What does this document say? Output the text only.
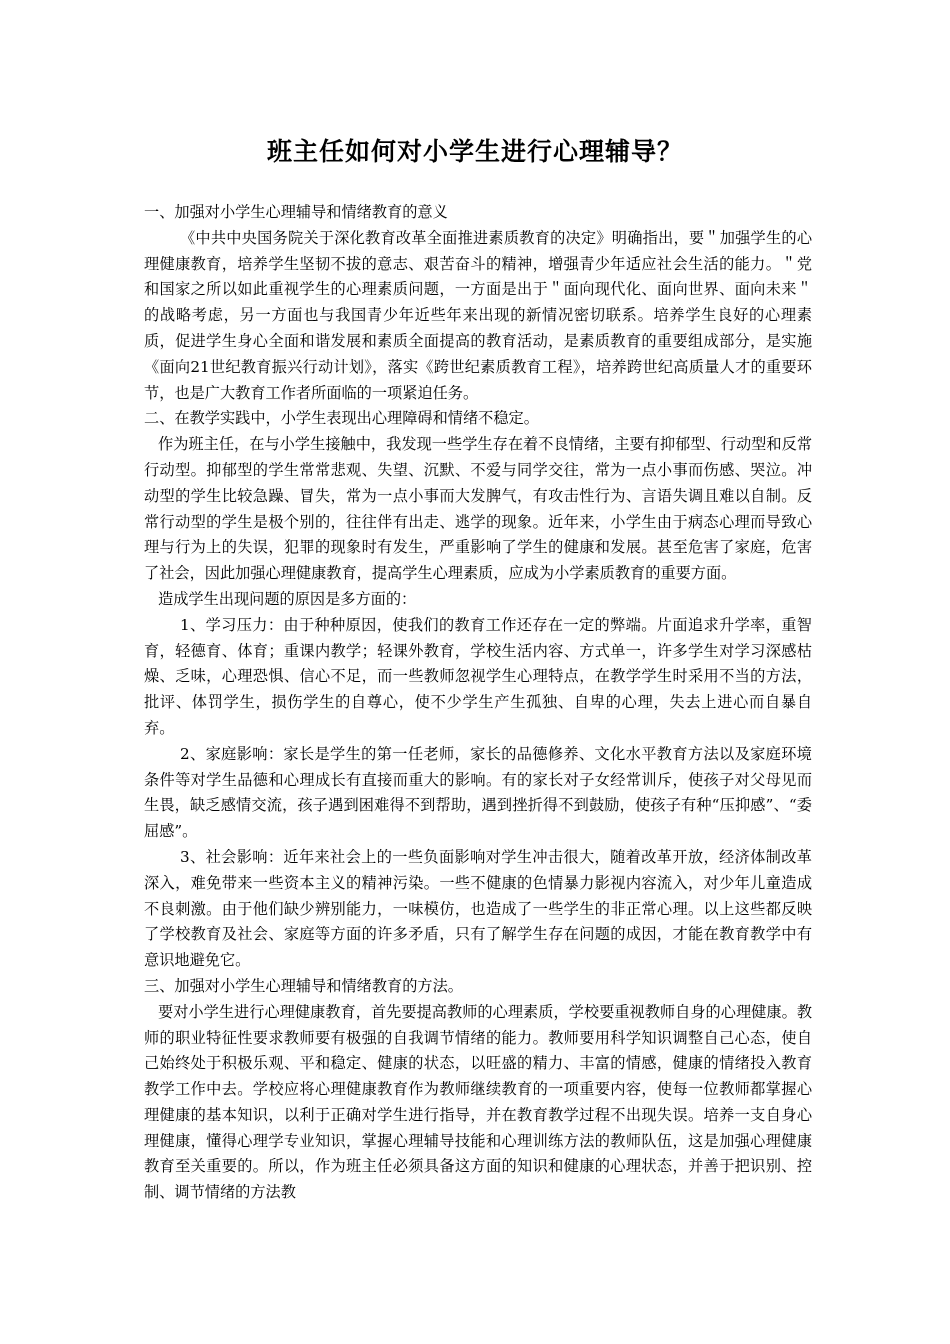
班主任如何对小学生进行心理辅导？

一、加强对小学生心理辅导和情绪教育的意义

《中共中央国务院关于深化教育改革全面推进素质教育的决定》明确指出，要＂加强学生的心理健康教育，培养学生坚韧不拔的意志、艰苦奋斗的精神，增强青少年适应社会生活的能力。＂党和国家之所以如此重视学生的心理素质问题，一方面是出于＂面向现代化、面向世界、面向未来＂的战略考虑，另一方面也与我国青少年近些年来出现的新情况密切联系。培养学生良好的心理素质，促进学生身心全面和谐发展和素质全面提高的教育活动，是素质教育的重要组成部分，是实施《面向21世纪教育振兴行动计划》，落实《跨世纪素质教育工程》，培养跨世纪高质量人才的重要环节，也是广大教育工作者所面临的一项紧迫任务。

二、在教学实践中，小学生表现出心理障碍和情绪不稳定。

作为班主任，在与小学生接触中，我发现一些学生存在着不良情绪，主要有抑郁型、行动型和反常行动型。抑郁型的学生常常悲观、失望、沉默、不爱与同学交往，常为一点小事而伤感、哭泣。冲动型的学生比较急躁、冒失，常为一点小事而大发脾气，有攻击性行为、言语失调且难以自制。反常行动型的学生是极个别的，往往伴有出走、逃学的现象。近年来，小学生由于病态心理而导致心理与行为上的失误，犯罪的现象时有发生，严重影响了学生的健康和发展。甚至危害了家庭，危害了社会，因此加强心理健康教育，提高学生心理素质，应成为小学素质教育的重要方面。

造成学生出现问题的原因是多方面的：

1、学习压力：由于种种原因，使我们的教育工作还存在一定的弊端。片面追求升学率，重智育，轻德育、体育；重课内教学；轻课外教育，学校生活内容、方式单一，许多学生对学习深感枯燥、乏味，心理恐惧、信心不足，而一些教师忽视学生心理特点，在教学学生时采用不当的方法，批评、体罚学生，损伤学生的自尊心，使不少学生产生孤独、自卑的心理，失去上进心而自暴自弃。

2、家庭影响：家长是学生的第一任老师，家长的品德修养、文化水平教育方法以及家庭环境条件等对学生品德和心理成长有直接而重大的影响。有的家长对子女经常训斥，使孩子对父母见而生畏，缺乏感情交流，孩子遇到困难得不到帮助，遇到挫折得不到鼓励，使孩子有种“压抑感”、“委屈感”。

3、社会影响：近年来社会上的一些负面影响对学生冲击很大，随着改革开放，经济体制改革深入，难免带来一些资本主义的精神污染。一些不健康的色情暴力影视内容流入，对少年儿童造成不良刺激。由于他们缺少辨别能力，一味模仿，也造成了一些学生的非正常心理。以上这些都反映了学校教育及社会、家庭等方面的许多矛盾，只有了解学生存在问题的成因，才能在教育教学中有意识地避免它。

三、加强对小学生心理辅导和情绪教育的方法。

要对小学生进行心理健康教育，首先要提高教师的心理素质，学校要重视教师自身的心理健康。教师的职业特征性要求教师要有极强的自我调节情绪的能力。教师要用科学知识调整自己心态，使自己始终处于积极乐观、平和稳定、健康的状态，以旺盛的精力、丰富的情感，健康的情绪投入教育教学工作中去。学校应将心理健康教育作为教师继续教育的一项重要内容，使每一位教师都掌握心理健康的基本知识，以利于正确对学生进行指导，并在教育教学过程不出现失误。培养一支自身心理健康，懂得心理学专业知识，掌握心理辅导技能和心理训练方法的教师队伍，这是加强心理健康教育至关重要的。所以，作为班主任必须具备这方面的知识和健康的心理状态，并善于把识别、控制、调节情绪的方法教
